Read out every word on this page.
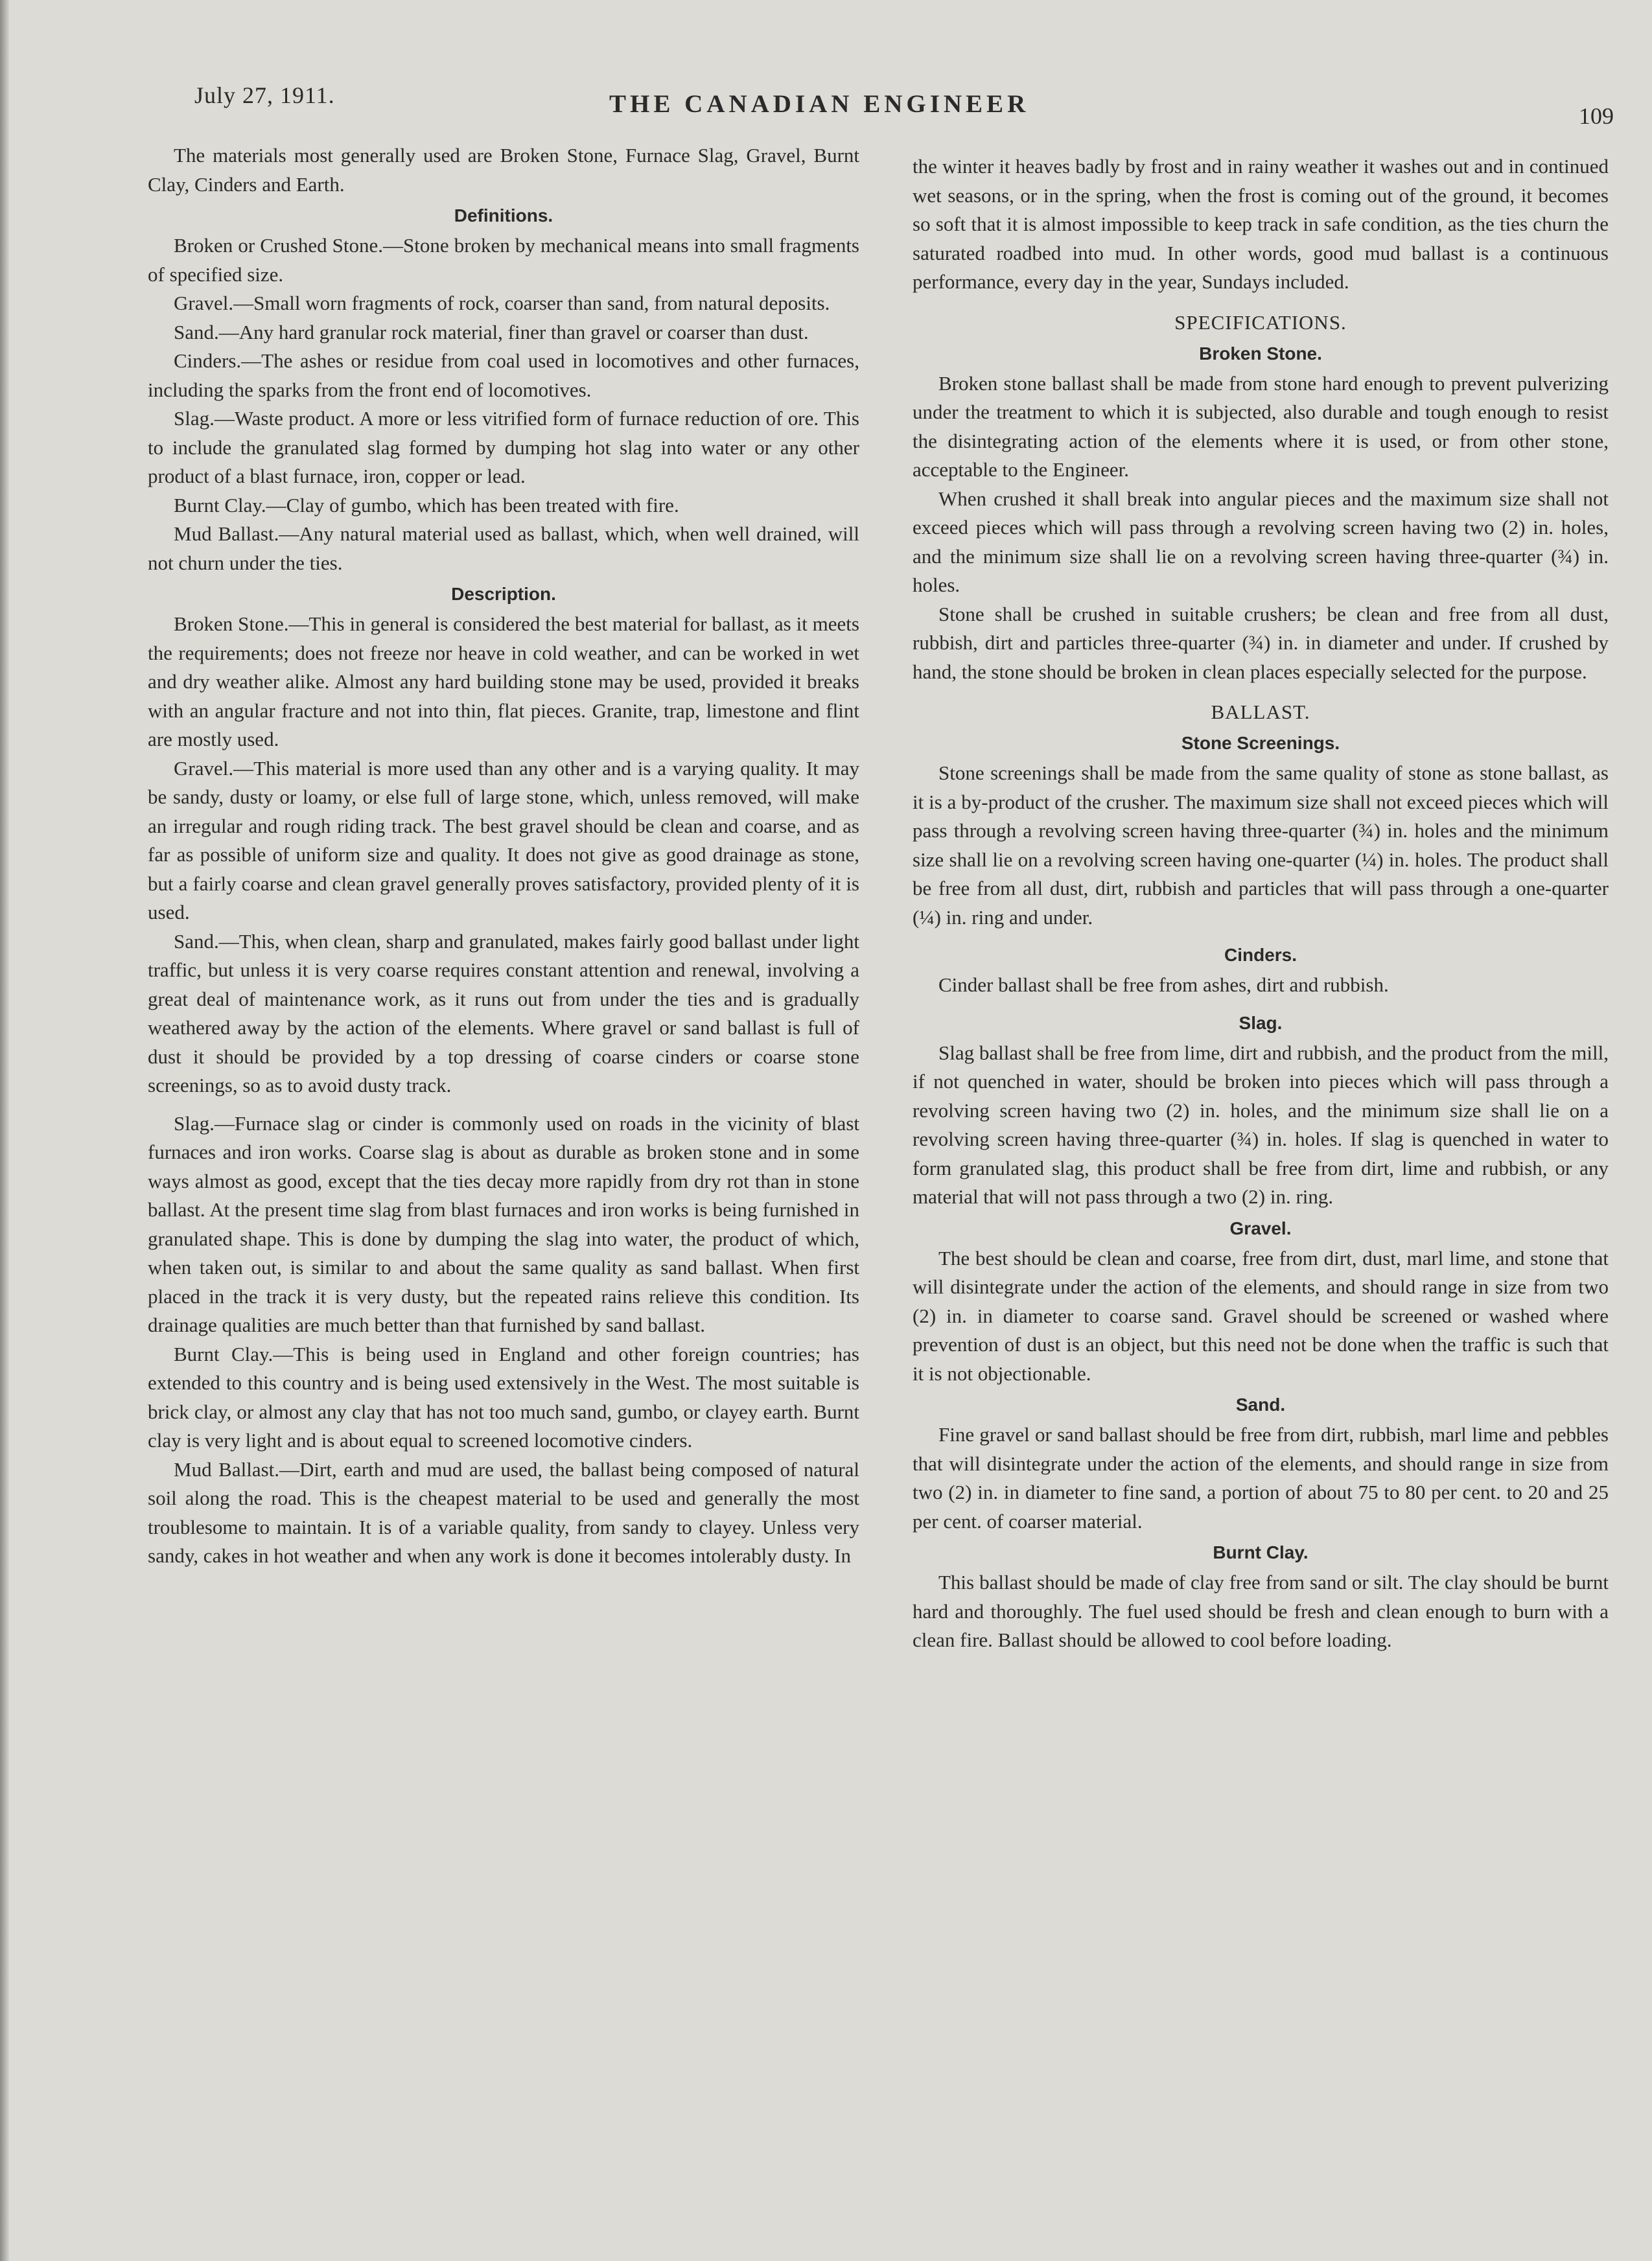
July 27, 1911.	THE CANADIAN ENGINEER	109

The materials most generally used are Broken Stone, Furnace Slag, Gravel, Burnt Clay, Cinders and Earth.

Definitions.

Broken or Crushed Stone.—Stone broken by mechanical means into small fragments of specified size.

Gravel.—Small worn fragments of rock, coarser than sand, from natural deposits.

Sand.—Any hard granular rock material, finer than gravel or coarser than dust.

Cinders.—The ashes or residue from coal used in locomotives and other furnaces, including the sparks from the front end of locomotives.

Slag.—Waste product. A more or less vitrified form of furnace reduction of ore. This to include the granulated slag formed by dumping hot slag into water or any other product of a blast furnace, iron, copper or lead.

Burnt Clay.—Clay of gumbo, which has been treated with fire.

Mud Ballast.—Any natural material used as ballast, which, when well drained, will not churn under the ties.

Description.

Broken Stone.—This in general is considered the best material for ballast, as it meets the requirements; does not freeze nor heave in cold weather, and can be worked in wet and dry weather alike. Almost any hard building stone may be used, provided it breaks with an angular fracture and not into thin, flat pieces. Granite, trap, limestone and flint are mostly used.

Gravel.—This material is more used than any other and is a varying quality. It may be sandy, dusty or loamy, or else full of large stone, which, unless removed, will make an irregular and rough riding track. The best gravel should be clean and coarse, and as far as possible of uniform size and quality. It does not give as good drainage as stone, but a fairly coarse and clean gravel generally proves satisfactory, provided plenty of it is used.

Sand.—This, when clean, sharp and granulated, makes fairly good ballast under light traffic, but unless it is very coarse requires constant attention and renewal, involving a great deal of maintenance work, as it runs out from under the ties and is gradually weathered away by the action of the elements. Where gravel or sand ballast is full of dust it should be provided by a top dressing of coarse cinders or coarse stone screenings, so as to avoid dusty track.

Slag.—Furnace slag or cinder is commonly used on roads in the vicinity of blast furnaces and iron works. Coarse slag is about as durable as broken stone and in some ways almost as good, except that the ties decay more rapidly from dry rot than in stone ballast. At the present time slag from blast furnaces and iron works is being furnished in granulated shape. This is done by dumping the slag into water, the product of which, when taken out, is similar to and about the same quality as sand ballast. When first placed in the track it is very dusty, but the repeated rains relieve this condition. Its drainage qualities are much better than that furnished by sand ballast.

Burnt Clay.—This is being used in England and other foreign countries; has extended to this country and is being used extensively in the West. The most suitable is brick clay, or almost any clay that has not too much sand, gumbo, or clayey earth. Burnt clay is very light and is about equal to screened locomotive cinders.

Mud Ballast.—Dirt, earth and mud are used, the ballast being composed of natural soil along the road. This is the cheapest material to be used and generally the most troublesome to maintain. It is of a variable quality, from sandy to clayey. Unless very sandy, cakes in hot weather and when any work is done it becomes intolerably dusty. In

the winter it heaves badly by frost and in rainy weather it washes out and in continued wet seasons, or in the spring, when the frost is coming out of the ground, it becomes so soft that it is almost impossible to keep track in safe condition, as the ties churn the saturated roadbed into mud. In other words, good mud ballast is a continuous performance, every day in the year, Sundays included.

SPECIFICATIONS.
Broken Stone.

Broken stone ballast shall be made from stone hard enough to prevent pulverizing under the treatment to which it is subjected, also durable and tough enough to resist the disintegrating action of the elements where it is used, or from other stone, acceptable to the Engineer.

When crushed it shall break into angular pieces and the maximum size shall not exceed pieces which will pass through a revolving screen having two (2) in. holes, and the minimum size shall lie on a revolving screen having three-quarter (¾) in. holes.

Stone shall be crushed in suitable crushers; be clean and free from all dust, rubbish, dirt and particles three-quarter (¾) in. in diameter and under. If crushed by hand, the stone should be broken in clean places especially selected for the purpose.

BALLAST.
Stone Screenings.

Stone screenings shall be made from the same quality of stone as stone ballast, as it is a by-product of the crusher. The maximum size shall not exceed pieces which will pass through a revolving screen having three-quarter (¾) in. holes and the minimum size shall lie on a revolving screen having one-quarter (¼) in. holes. The product shall be free from all dust, dirt, rubbish and particles that will pass through a one-quarter (¼) in. ring and under.

Cinders.

Cinder ballast shall be free from ashes, dirt and rubbish.

Slag.

Slag ballast shall be free from lime, dirt and rubbish, and the product from the mill, if not quenched in water, should be broken into pieces which will pass through a revolving screen having two (2) in. holes, and the minimum size shall lie on a revolving screen having three-quarter (¾) in. holes. If slag is quenched in water to form granulated slag, this product shall be free from dirt, lime and rubbish, or any material that will not pass through a two (2) in. ring.

Gravel.

The best should be clean and coarse, free from dirt, dust, marl lime, and stone that will disintegrate under the action of the elements, and should range in size from two (2) in. in diameter to coarse sand. Gravel should be screened or washed where prevention of dust is an object, but this need not be done when the traffic is such that it is not objectionable.

Sand.

Fine gravel or sand ballast should be free from dirt, rubbish, marl lime and pebbles that will disintegrate under the action of the elements, and should range in size from two (2) in. in diameter to fine sand, a portion of about 75 to 80 per cent. to 20 and 25 per cent. of coarser material.

Burnt Clay.

This ballast should be made of clay free from sand or silt. The clay should be burnt hard and thoroughly. The fuel used should be fresh and clean enough to burn with a clean fire. Ballast should be allowed to cool before loading.
